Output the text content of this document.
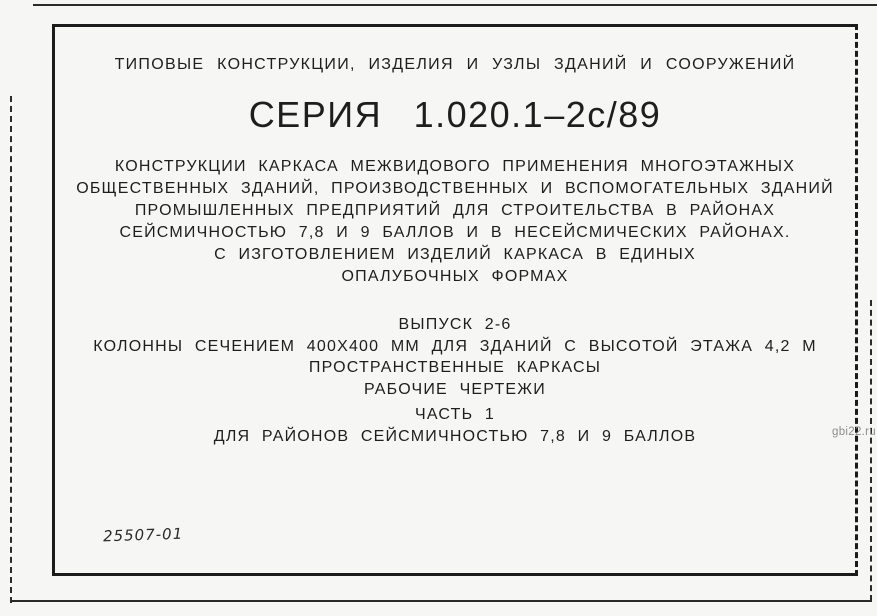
ТИПОВЫЕ КОНСТРУКЦИИ, ИЗДЕЛИЯ И УЗЛЫ ЗДАНИЙ И СООРУЖЕНИЙ
СЕРИЯ 1.020.1–2с/89
КОНСТРУКЦИИ КАРКАСА МЕЖВИДОВОГО ПРИМЕНЕНИЯ МНОГОЭТАЖНЫХ
ОБЩЕСТВЕННЫХ ЗДАНИЙ, ПРОИЗВОДСТВЕННЫХ И ВСПОМОГАТЕЛЬНЫХ ЗДАНИЙ
ПРОМЫШЛЕННЫХ ПРЕДПРИЯТИЙ ДЛЯ СТРОИТЕЛЬСТВА В РАЙОНАХ
СЕЙСМИЧНОСТЬЮ 7,8 И 9 БАЛЛОВ И В НЕСЕЙСМИЧЕСКИХ РАЙОНАХ.
С ИЗГОТОВЛЕНИЕМ ИЗДЕЛИЙ КАРКАСА В ЕДИНЫХ
ОПАЛУБОЧНЫХ ФОРМАХ
ВЫПУСК 2-6
КОЛОННЫ СЕЧЕНИЕМ 400Х400 ММ ДЛЯ ЗДАНИЙ С ВЫСОТОЙ ЭТАЖА 4,2 М
ПРОСТРАНСТВЕННЫЕ КАРКАСЫ
РАБОЧИЕ ЧЕРТЕЖИ
ЧАСТЬ 1
ДЛЯ РАЙОНОВ СЕЙСМИЧНОСТЬЮ 7,8 И 9 БАЛЛОВ
25507-01
gbi22.ru
